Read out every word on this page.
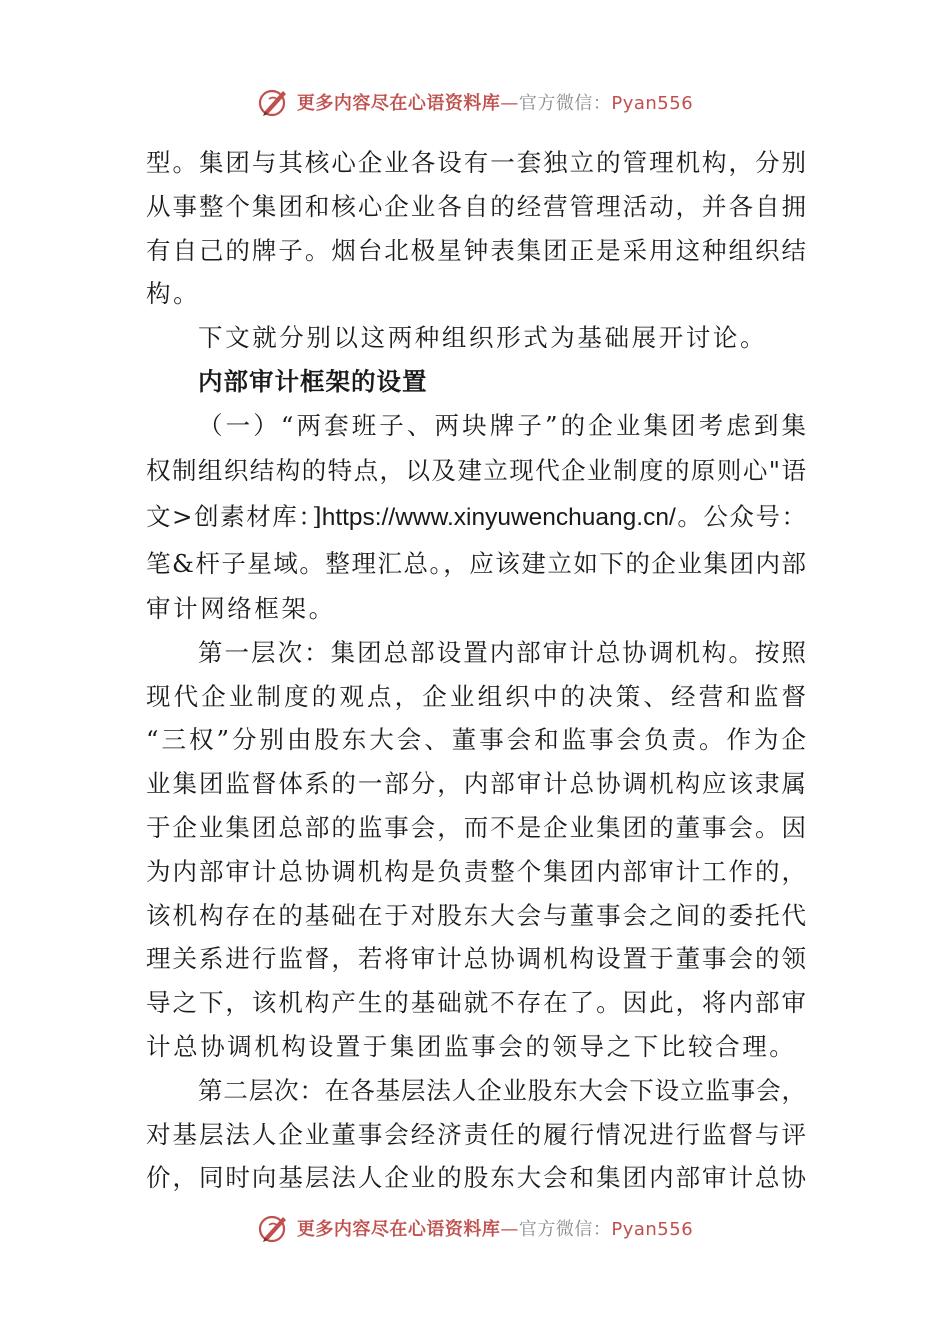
更多内容尽在心语资料库—官方微信：Pyan556
型。集团与其核心企业各设有一套独立的管理机构，分别
从事整个集团和核心企业各自的经营管理活动，并各自拥
有自己的牌子。烟台北极星钟表集团正是采用这种组织结
构。
下文就分别以这两种组织形式为基础展开讨论。
内部审计框架的设置
（一）“两套班子、两块牌子”的企业集团考虑到集
权制组织结构的特点，以及建立现代企业制度的原则心"语
文>创素材库：]https://www.xinyuwenchuang.cn/。公众号：
笔&杆子星域。整理汇总。，应该建立如下的企业集团内部
审计网络框架。
第一层次：集团总部设置内部审计总协调机构。按照
现代企业制度的观点，企业组织中的决策、经营和监督
“三权”分别由股东大会、董事会和监事会负责。作为企
业集团监督体系的一部分，内部审计总协调机构应该隶属
于企业集团总部的监事会，而不是企业集团的董事会。因
为内部审计总协调机构是负责整个集团内部审计工作的，
该机构存在的基础在于对股东大会与董事会之间的委托代
理关系进行监督，若将审计总协调机构设置于董事会的领
导之下，该机构产生的基础就不存在了。因此，将内部审
计总协调机构设置于集团监事会的领导之下比较合理。
第二层次：在各基层法人企业股东大会下设立监事会，
对基层法人企业董事会经济责任的履行情况进行监督与评
价，同时向基层法人企业的股东大会和集团内部审计总协
更多内容尽在心语资料库—官方微信：Pyan556
